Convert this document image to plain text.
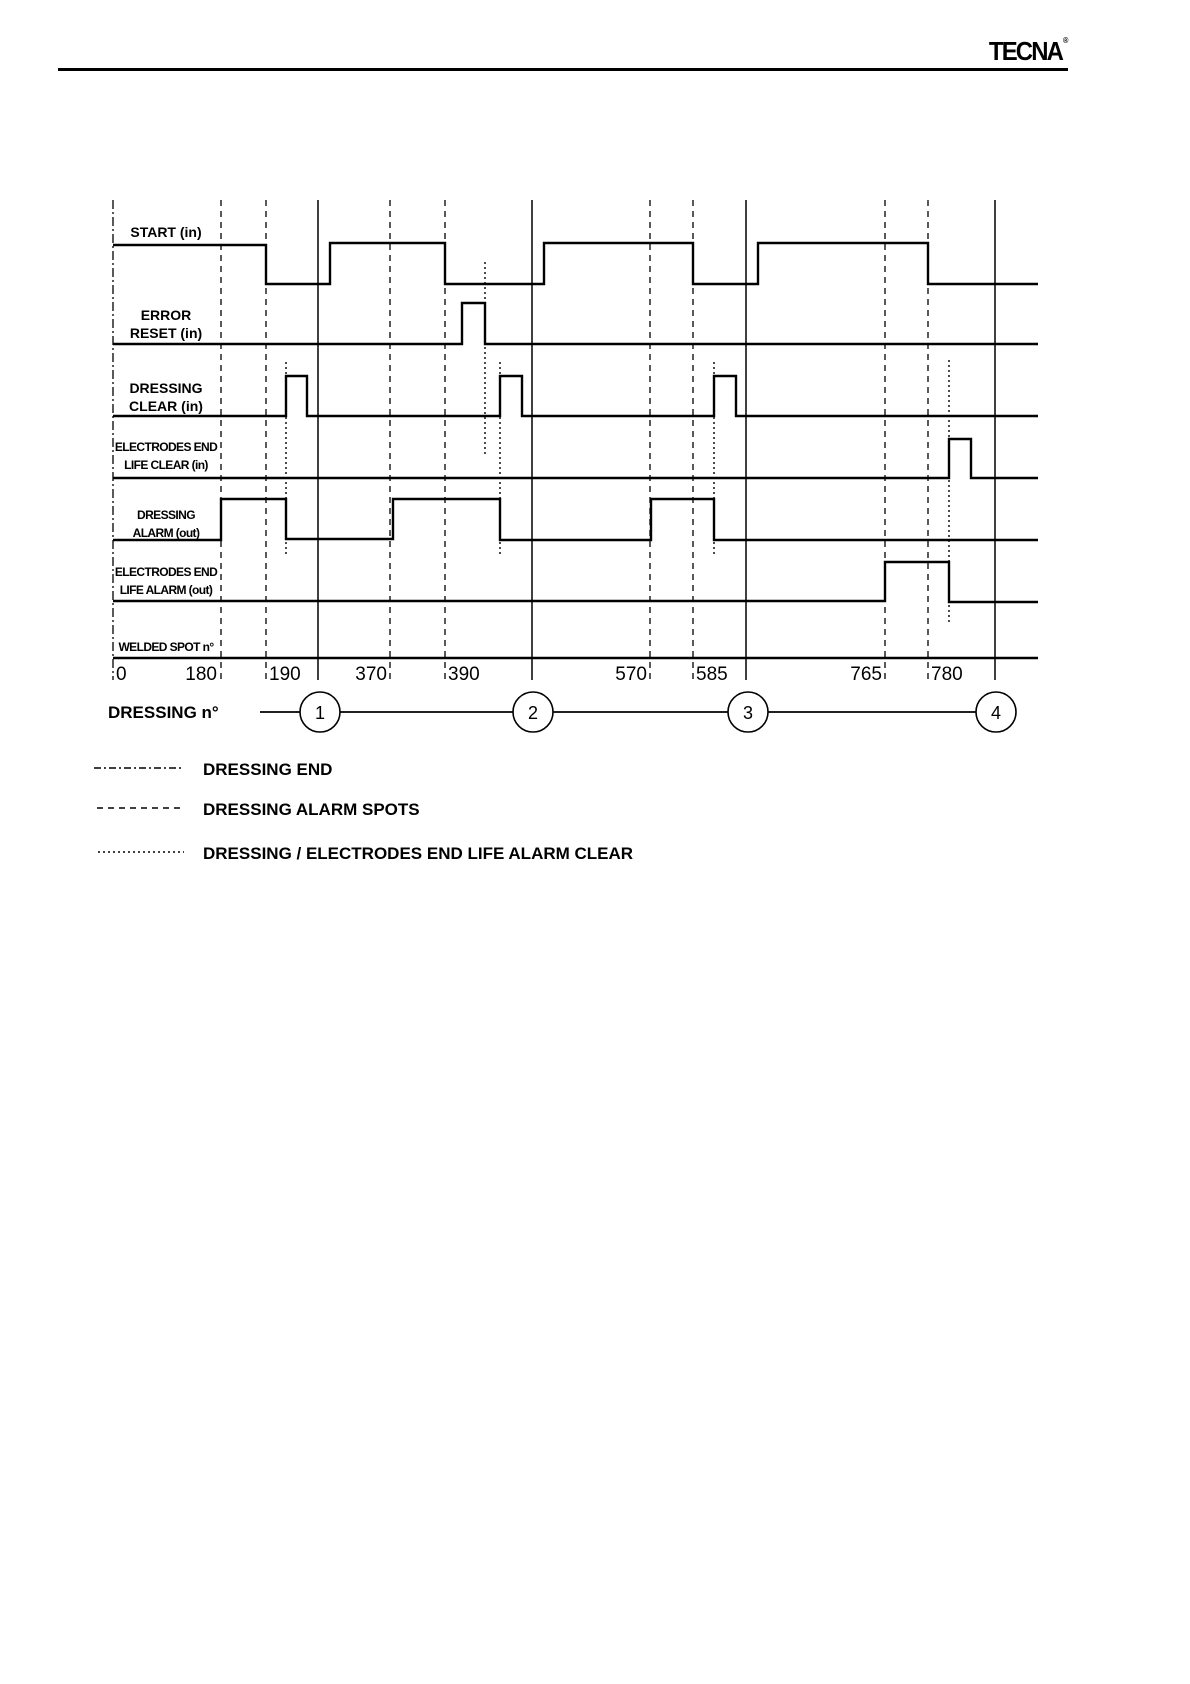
TECNA®
1	2	3	4
START (in)
ERROR
RESET (in)
DRESSING
CLEAR (in)
ELECTRODES END
LIFE CLEAR (in)
DRESSING
ALARM (out)
ELECTRODES END
LIFE ALARM (out)
WELDED SPOT n°
0	180	190	370	390	570	585	765	780
DRESSING n°
DRESSING END
DRESSING ALARM SPOTS
DRESSING / ELECTRODES END LIFE ALARM CLEAR
